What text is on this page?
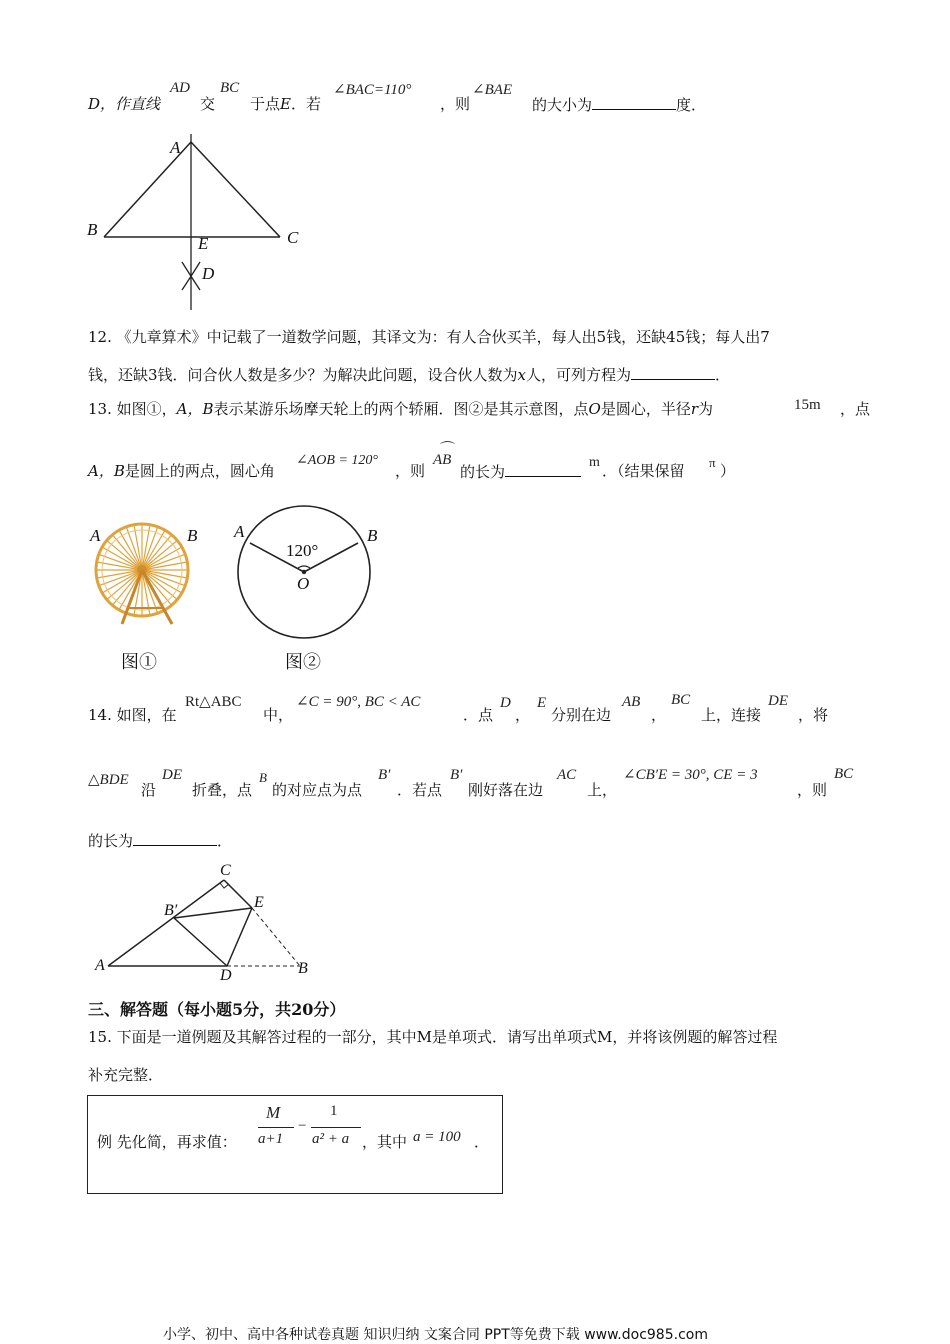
D，作直线
AD
交
BC
于点E．若
∠BAC=110°
，则
∠BAE
的大小为	度．
A
B	C
E
D
12. 《九章算术》中记载了一道数学问题，其译文为：有人合伙买羊，每人出5钱，还缺45钱；每人出7
钱，还缺3钱．问合伙人数是多少？为解决此问题，设合伙人数为x人，可列方程为	．
13. 如图①，A，B表示某游乐场摩天轮上的两个轿厢．图②是其示意图，点O是圆心，半径r为	15m ，点
A，B是圆上的两点，圆心角
∠AOB = 120°
，则
⌒
AB
的长为
m ．（结果保留 π ）
A	B A	B
120°
O
图①	图②
14. 如图，在
Rt△ABC
中，
∠C = 90°, BC < AC
．点
D
，
E
分别在边
AB
，
BC
上，连接
DE
，将
△BDE
沿
DE
折叠，点
B
的对应点为点
B′
．若点
B′
刚好落在边
AC
上，
∠CB′E = 30°, CE = 3
，则
BC
的长为	．
C
B′	E
A
D	B
三、解答题（每小题5分，共20分）
15. 下面是一道例题及其解答过程的一部分，其中M是单项式．请写出单项式M，并将该例题的解答过程
补充完整．
例 先化简，再求值：
M
a+1
−
1
a² + a ，其中 a = 100 ．
小学、初中、高中各种试卷真题 知识归纳 文案合同 PPT等免费下载 www.doc985.com
